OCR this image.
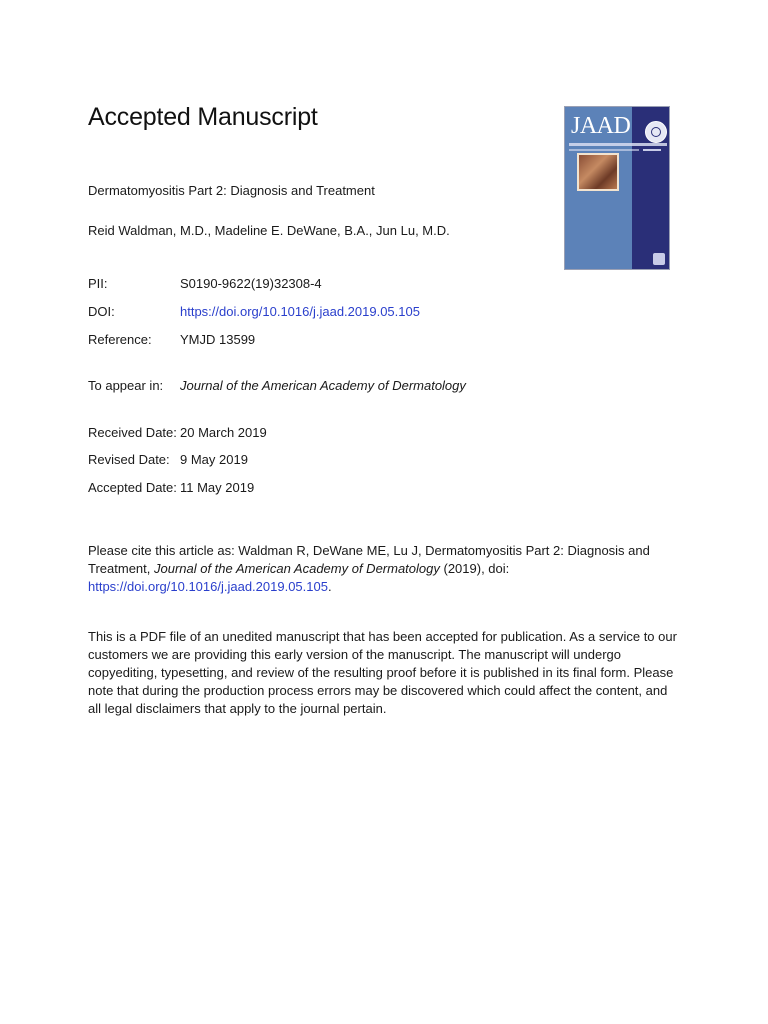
Accepted Manuscript	JAAD
Dermatomyositis Part 2: Diagnosis and Treatment
Reid Waldman, M.D., Madeline E. DeWane, B.A., Jun Lu, M.D.
PII:	S0190-9622(19)32308-4
DOI:	https://doi.org/10.1016/j.jaad.2019.05.105
Reference: YMJD 13599
To appear in: Journal of the American Academy of Dermatology
Received Date: 20 March 2019
Revised Date: 9 May 2019
Accepted Date: 11 May 2019
Please cite this article as: Waldman R, DeWane ME, Lu J, Dermatomyositis Part 2: Diagnosis and Treatment, Journal of the American Academy of Dermatology (2019), doi: https://doi.org/10.1016/j.jaad.2019.05.105.
This is a PDF file of an unedited manuscript that has been accepted for publication. As a service to our customers we are providing this early version of the manuscript. The manuscript will undergo copyediting, typesetting, and review of the resulting proof before it is published in its final form. Please note that during the production process errors may be discovered which could affect the content, and all legal disclaimers that apply to the journal pertain.
